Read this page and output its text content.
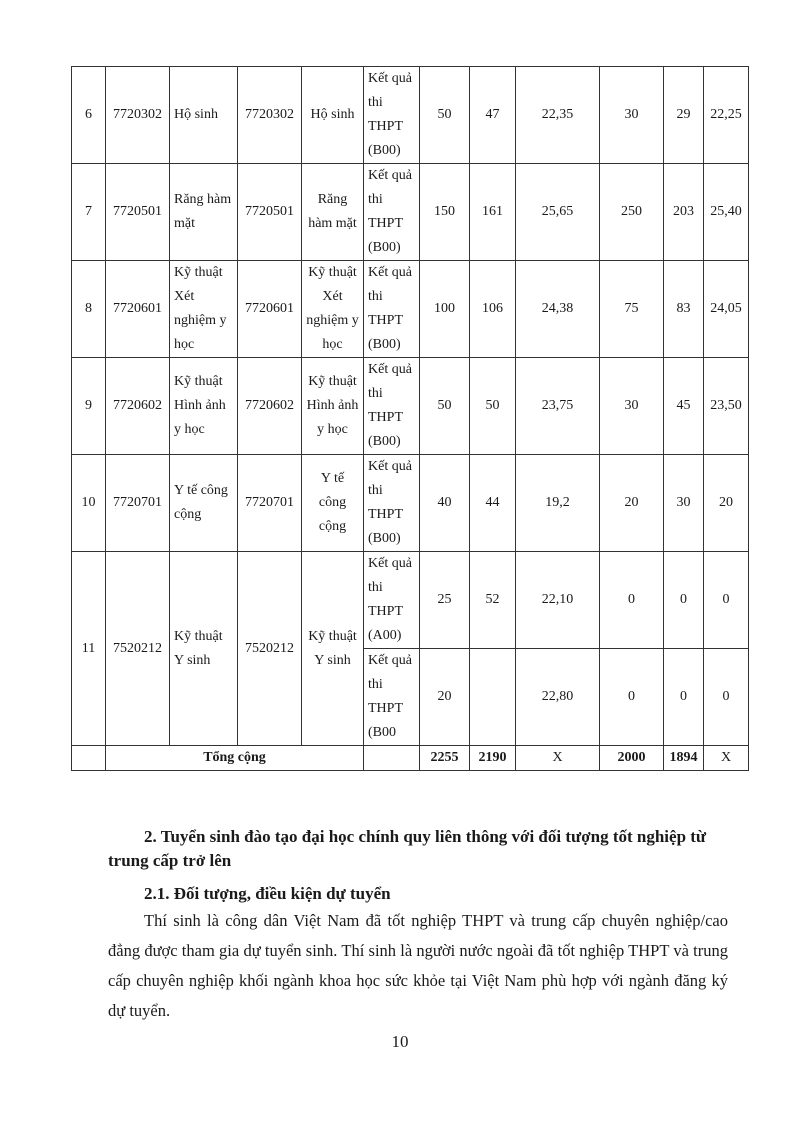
6	7720302	Hộ sinh	7720302	Hộ sinh	Kết quả thi THPT (B00)	50	47	22,35	30	29	22,25
7	7720501	Răng hàm mặt	7720501	Răng hàm mặt	Kết quả thi THPT (B00)	150	161	25,65	250	203	25,40
8	7720601	Kỹ thuật Xét nghiệm y học	7720601	Kỹ thuật Xét nghiệm y học	Kết quả thi THPT (B00)	100	106	24,38	75	83	24,05
9	7720602	Kỹ thuật Hình ảnh y học	7720602	Kỹ thuật Hình ảnh y học	Kết quả thi THPT (B00)	50	50	23,75	30	45	23,50
10	7720701	Y tế công cộng	7720701	Y tế công cộng	Kết quả thi THPT (B00)	40	44	19,2	20	30	20
11	7520212	Kỹ thuật Y sinh	7520212	Kỹ thuật Y sinh	Kết quả thi THPT (A00)	25	52	22,10	0	0	0
					Kết quả thi THPT (B00	20		22,80	0	0	0
	Tổng cộng					2255	2190	X	2000	1894	X
2. Tuyển sinh đào tạo đại học chính quy liên thông với đối tượng tốt nghiệp từ trung cấp trở lên
2.1. Đối tượng, điều kiện dự tuyển
Thí sinh là công dân Việt Nam đã tốt nghiệp THPT và trung cấp chuyên nghiệp/cao đẳng được tham gia dự tuyển sinh. Thí sinh là người nước ngoài đã tốt nghiệp THPT và trung cấp chuyên nghiệp khối ngành khoa học sức khỏe tại Việt Nam phù hợp với ngành đăng ký dự tuyển.
10
